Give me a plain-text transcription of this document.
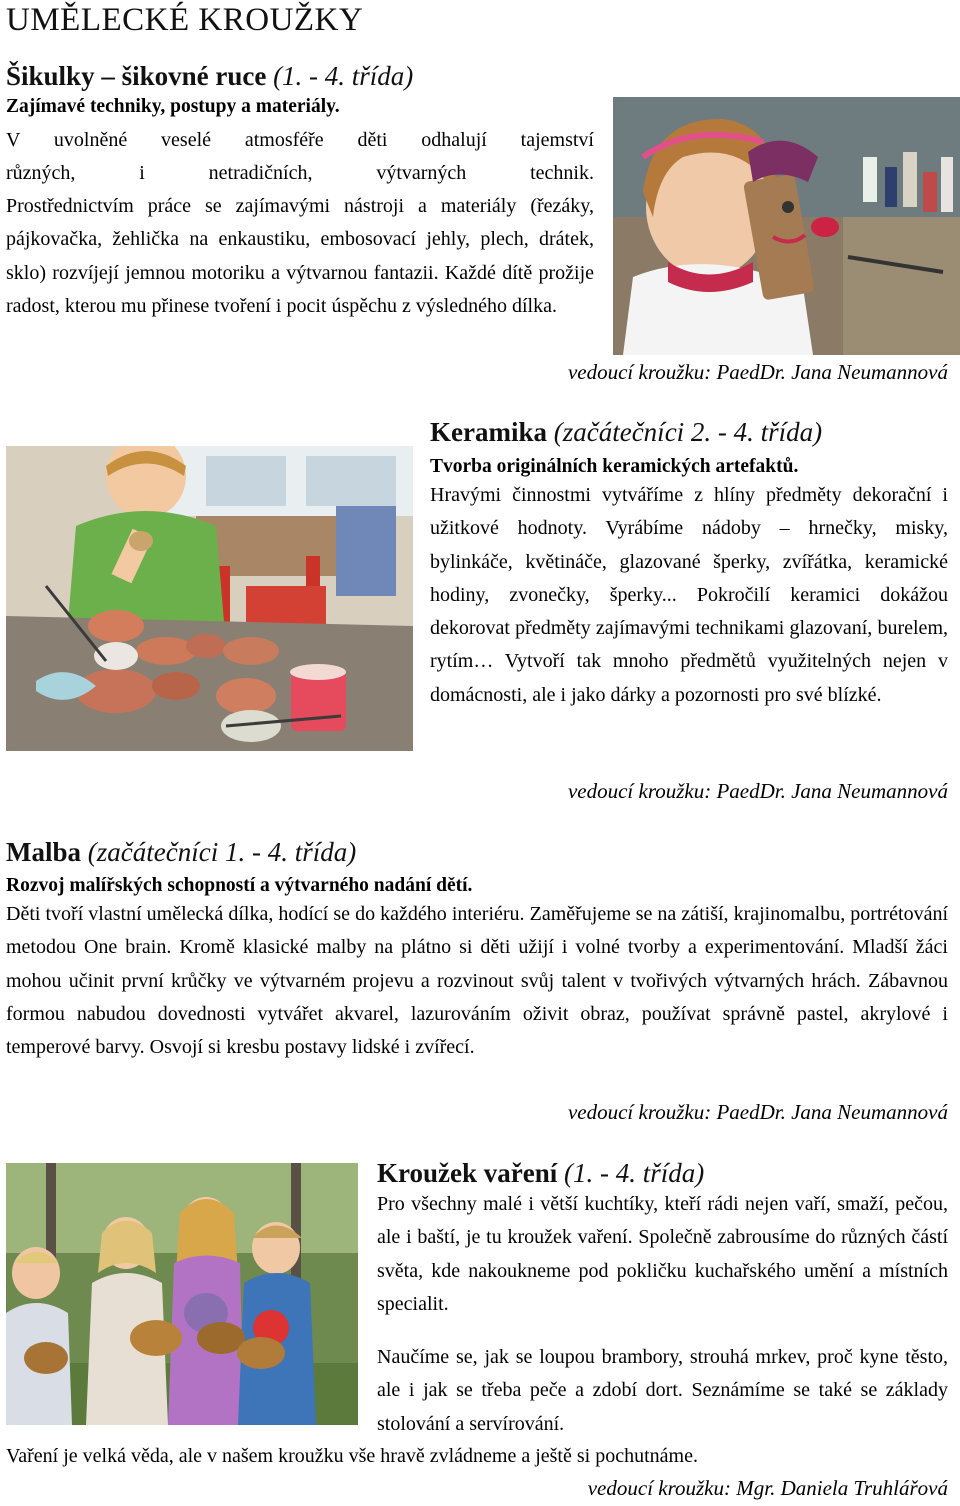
UMĚLECKÉ KROUŽKY
Šikulky – šikovné ruce (1. - 4. třída)
Zajímavé techniky, postupy a materiály.
V uvolněné veselé atmosféře děti odhalují tajemství
různých, i netradičních, výtvarných technik.
Prostřednictvím práce se zajímavými nástroji a materiály (řezáky, pájkovačka, žehlička na enkaustiku, embosovací jehly, plech, drátek, sklo) rozvíjejí jemnou motoriku a výtvarnou fantazii. Každé dítě prožije radost, kterou mu přinese tvoření i pocit úspěchu z výsledného dílka.
vedoucí kroužku: PaedDr. Jana Neumannová
Keramika (začátečníci 2. - 4. třída)
Tvorba originálních keramických artefaktů.
Hravými činnostmi vytváříme z hlíny předměty dekorační i užitkové hodnoty. Vyrábíme nádoby – hrnečky, misky, bylinkáče, květináče, glazované šperky, zvířátka, keramické hodiny, zvonečky, šperky... Pokročilí keramici dokážou dekorovat předměty zajímavými technikami glazovaní, burelem, rytím… Vytvoří tak mnoho předmětů využitelných nejen v domácnosti, ale i jako dárky a pozornosti pro své blízké.
vedoucí kroužku: PaedDr. Jana Neumannová
Malba (začátečníci 1. - 4. třída)
Rozvoj malířských schopností a výtvarného nadání dětí.
Děti tvoří vlastní umělecká dílka, hodící se do každého interiéru. Zaměřujeme se na zátiší, krajinomalbu, portrétování metodou One brain. Kromě klasické malby na plátno si děti užijí i volné tvorby a experimentování. Mladší žáci mohou učinit první krůčky ve výtvarném projevu a rozvinout svůj talent v tvořivých výtvarných hrách. Zábavnou formou nabudou dovednosti vytvářet akvarel, lazurováním oživit obraz, používat správně pastel, akrylové i temperové barvy. Osvojí si kresbu postavy lidské i zvířecí.
vedoucí kroužku: PaedDr. Jana Neumannová
Kroužek vaření (1. - 4. třída)
Pro všechny malé i větší kuchtíky, kteří rádi nejen vaří, smaží, pečou, ale i baští, je tu kroužek vaření. Společně zabrousíme do různých částí světa, kde nakoukneme pod pokličku kuchařského umění a místních specialit.
Naučíme se, jak se loupou brambory, strouhá mrkev, proč kyne těsto, ale i jak se třeba peče a zdobí dort. Seznámíme se také se základy stolování a servírování.
Vaření je velká věda, ale v našem kroužku vše hravě zvládneme a ještě si pochutnáme.
vedoucí kroužku: Mgr. Daniela Truhlářová
